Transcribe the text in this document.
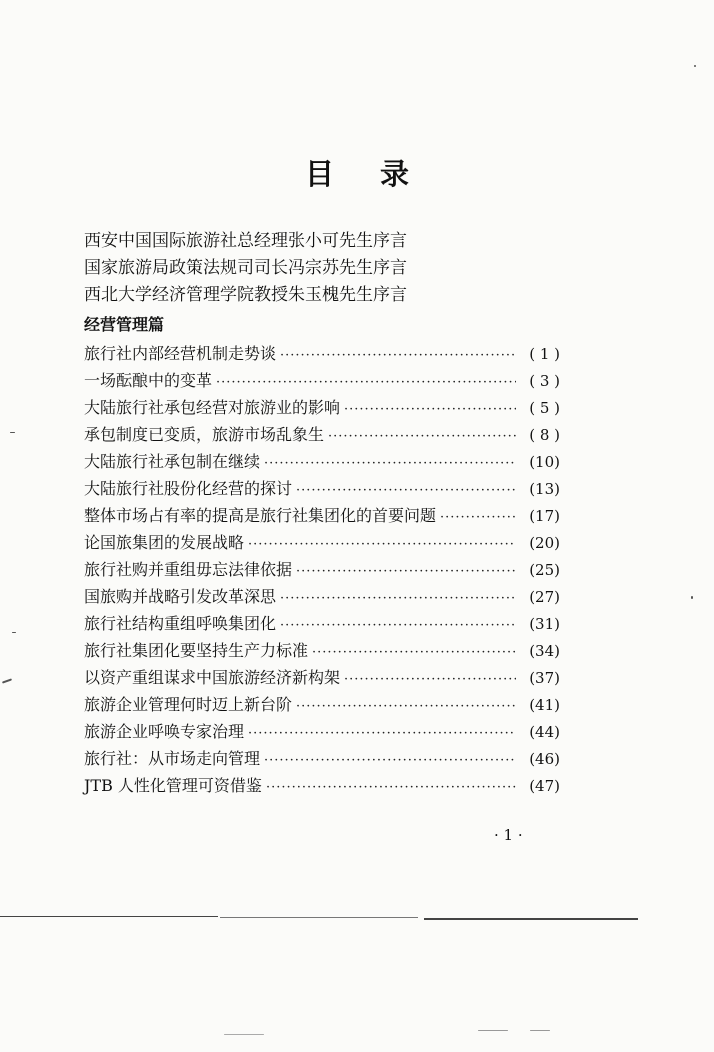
目 录
西安中国国际旅游社总经理张小可先生序言
国家旅游局政策法规司司长冯宗苏先生序言
西北大学经济管理学院教授朱玉槐先生序言
经营管理篇
旅行社内部经营机制走势谈 ·····	( 1 )
一场酝酿中的变革 ·····	( 3 )
大陆旅行社承包经营对旅游业的影响 ·····	( 5 )
承包制度已变质，旅游市场乱象生 ·····	( 8 )
大陆旅行社承包制在继续 ·····	(10)
大陆旅行社股份化经营的探讨 ·····	(13)
整体市场占有率的提高是旅行社集团化的首要问题 ·····	(17)
论国旅集团的发展战略 ·····	(20)
旅行社购并重组毋忘法律依据 ·····	(25)
国旅购并战略引发改革深思 ·····	(27)
旅行社结构重组呼唤集团化 ·····	(31)
旅行社集团化要坚持生产力标准 ·····	(34)
以资产重组谋求中国旅游经济新构架 ·····	(37)
旅游企业管理何时迈上新台阶 ·····	(41)
旅游企业呼唤专家治理 ·····	(44)
旅行社：从市场走向管理 ·····	(46)
JTB 人性化管理可资借鉴 ·····	(47)
· 1 ·
